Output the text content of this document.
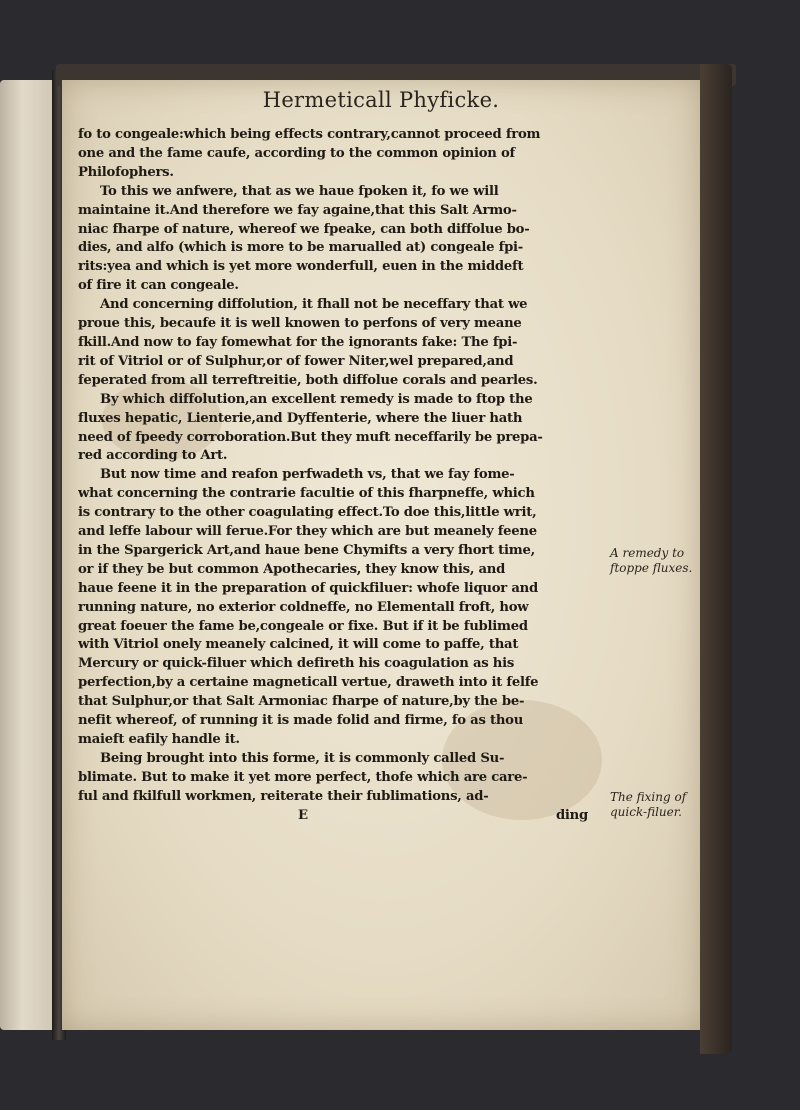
Hermeticall Phyficke.
fo to congeale:which being effects contrary,cannot proceed from
one and the fame caufe, according to the common opinion of
Philofophers.
To this we anfwere, that as we haue fpoken it, fo we will
maintaine it.And therefore we fay againe,that this Salt Armo-
niac fharpe of nature, whereof we fpeake, can both diffolue bo-
dies, and alfo (which is more to be marualled at) congeale fpi-
rits:yea and which is yet more wonderfull, euen in the middeft
of fire it can congeale.
And concerning diffolution, it fhall not be neceffary that we
proue this, becaufe it is well knowen to perfons of very meane
fkill.And now to fay fomewhat for the ignorants fake: The fpi-
rit of Vitriol or of Sulphur,or of fower Niter,wel prepared,and
feperated from all terreftreitie, both diffolue corals and pearles.
By which diffolution,an excellent remedy is made to ftop the
fluxes hepatic, Lienterie,and Dyffenterie, where the liuer hath
need of fpeedy corroboration.But they muft neceffarily be prepa-
red according to Art.
But now time and reafon perfwadeth vs, that we fay fome-
what concerning the contrarie facultie of this fharpneffe, which
is contrary to the other coagulating effect.To doe this,little writ,
and leffe labour will ferue.For they which are but meanely feene
in the Spargerick Art,and haue bene Chymifts a very fhort time,
or if they be but common Apothecaries, they know this, and
haue feene it in the preparation of quickfiluer: whofe liquor and
running nature, no exterior coldneffe, no Elementall froft, how
great foeuer the fame be,congeale or fixe. But if it be fublimed
with Vitriol onely meanely calcined, it will come to paffe, that
Mercury or quick-filuer which defireth his coagulation as his
perfection,by a certaine magneticall vertue, draweth into it felfe
that Sulphur,or that Salt Armoniac fharpe of nature,by the be-
nefit whereof, of running it is made folid and firme, fo as thou
maieft eafily handle it.
Being brought into this forme, it is commonly called Su-
blimate. But to make it yet more perfect, thofe which are care-
ful and fkilfull workmen, reiterate their fublimations, ad-
E	ding
A remedy to ftoppe fluxes.
The fixing of quick-filuer.
